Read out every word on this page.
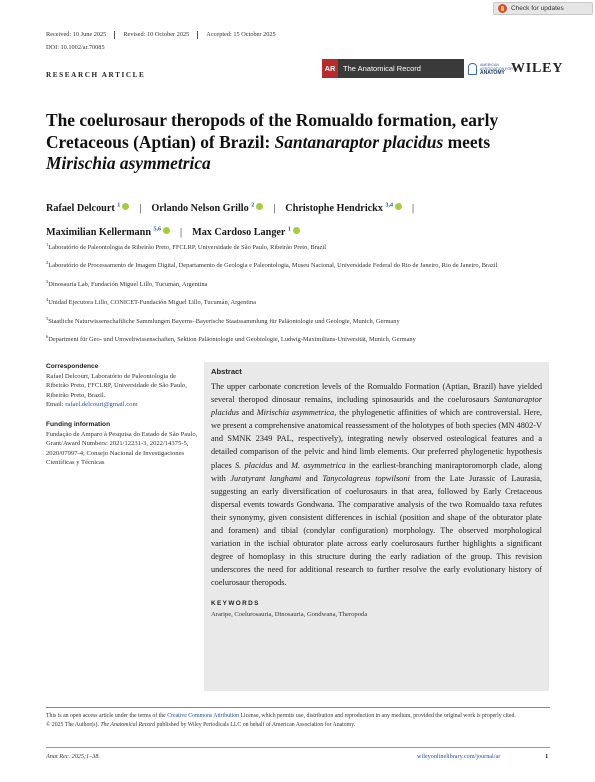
Check for updates
Received: 10 June 2025	Revised: 10 October 2025	Accepted: 15 October 2025
DOI: 10.1002/ar.70085
RESEARCH ARTICLE
AR	The Anatomical Record	AMERICAN
ASSOCIATION FOR
ANATOMY WILEY
The coelurosaur theropods of the Romualdo formation, early Cretaceous (Aptian) of Brazil: Santanaraptor placidus meets Mirischia asymmetrica
Rafael Delcourt $^1$ | Orlando Nelson Grillo $^2$ | Christophe Hendrickx $^{3,4}$ |
Maximilian Kellermann $^{5,6}$ | Max Cardoso Langer $^1$
$^1$Laboratório de Paleontologia de Ribeirão Preto, FFCLRP, Universidade de São Paulo, Ribeirão Preto, Brazil
$^2$Laboratório de Processamento de Imagem Digital, Departamento de Geologia e Paleontologia, Museu Nacional, Universidade Federal do Rio de Janeiro, Rio de Janeiro, Brazil
$^3$Dinosauria Lab, Fundación Miguel Lillo, Tucumán, Argentina
$^4$Unidad Ejecutora Lillo, CONICET-Fundación Miguel Lillo, Tucumán, Argentina
$^5$Staatliche Naturwissenschaftliche Sammlungen Bayerns–Bayerische Staatssammlung für Paläontologie und Geologie, Munich, Germany
$^6$Department für Geo- und Umweltwissenschaften, Sektion Paläontologie und Geobiologie, Ludwig-Maximilians-Universität, Munich, Germany
Correspondence
Rafael Delcourt, Laboratório de Paleontologia de Ribeirão Preto, FFCLRP, Universidade de São Paulo, Ribeirão Preto, Brazil.
Email: rafael.delcourt@gmail.com
Funding information
Fundação de Amparo à Pesquisa do Estado de São Paulo, Grant/Award Numbers: 2021/12231-3, 2022/14375-5, 2020/07997-4; Consejo Nacional de Investigaciones Científicas y Técnicas
Abstract

The upper carbonate concretion levels of the Romualdo Formation (Aptian, Brazil) have yielded several theropod dinosaur remains, including spinosaurids and the coelurosaurs Santanaraptor placidus and Mirischia asymmetrica, the phylogenetic affinities of which are controversial. Here, we present a comprehensive anatomical reassessment of the holotypes of both species (MN 4802-V and SMNK 2349 PAL, respectively), integrating newly observed osteological features and a detailed comparison of the pelvic and hind limb elements. Our preferred phylogenetic hypothesis places S. placidus and M. asymmetrica in the earliest-branching maniraptoromorph clade, along with Juratyrant langhami and Tanycolagreus topwilsoni from the Late Jurassic of Laurasia, suggesting an early diversification of coelurosaurs in that area, followed by Early Cretaceous dispersal events towards Gondwana. The comparative analysis of the two Romualdo taxa refutes their synonymy, given consistent differences in ischial (position and shape of the obturator plate and foramen) and tibial (condylar configuration) morphology. The observed morphological variation in the ischial obturator plate across early coelurosaurs further highlights a significant degree of homoplasy in this structure during the early radiation of the group. This revision underscores the need for additional research to further resolve the early evolutionary history of coelurosaur theropods.

KEYWORDS
Araripe, Coelurosauria, Dinosauria, Gondwana, Theropoda
This is an open access article under the terms of the Creative Commons Attribution License, which permits use, distribution and reproduction in any medium, provided the original work is properly cited.
© 2025 The Author(s). The Anatomical Record published by Wiley Periodicals LLC on behalf of American Association for Anatomy.
Anat Rec. 2025;1–38.	wileyonlinelibrary.com/journal/ar	1
